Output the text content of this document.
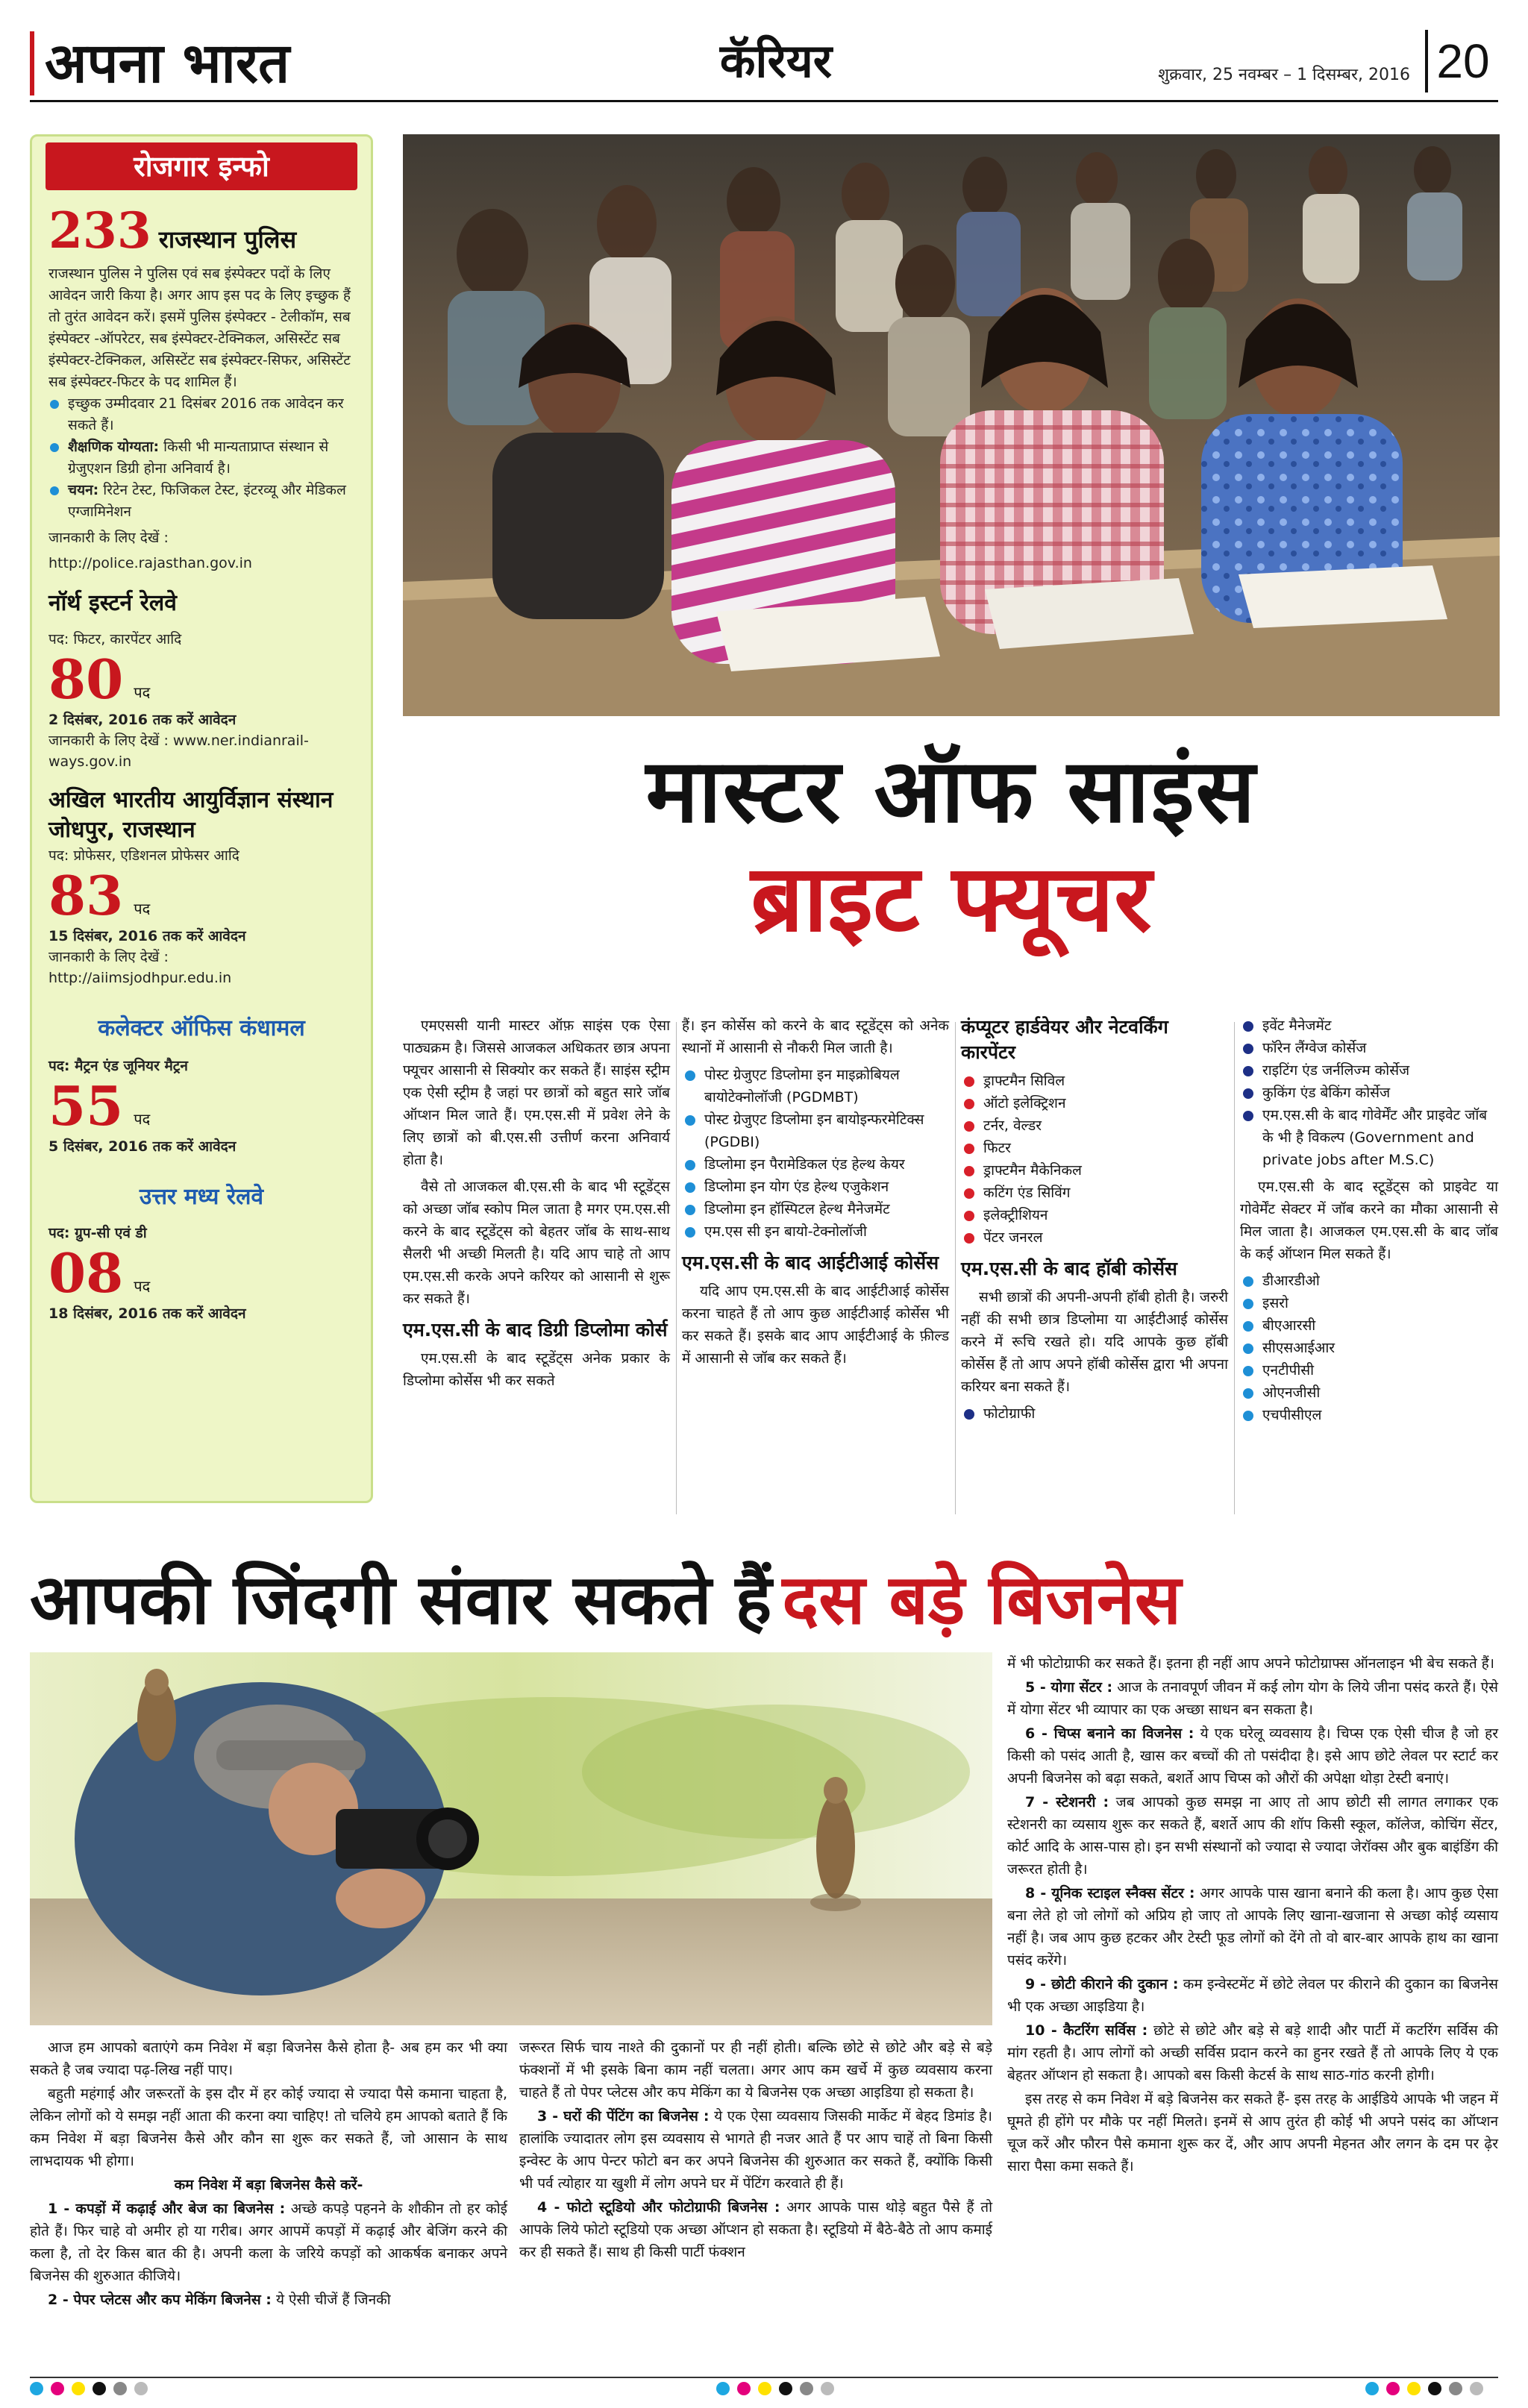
अपना भारत	कॅरियर	शुक्रवार, 25 नवम्बर – 1 दिसम्बर, 2016 20
रोजगार इन्फो
233 राजस्थान पुलिस
राजस्थान पुलिस ने पुलिस एवं सब इंस्पेक्टर पदों के लिए आवेदन जारी किया है। अगर आप इस पद के लिए इच्छुक हैं तो तुरंत आवेदन करें। इसमें पुलिस इंस्पेक्टर - टेलीकॉम, सब इंस्पेक्टर -ऑपरेटर, सब इंस्पेक्टर-टेक्निकल, असिस्टेंट सब इंस्पेक्टर-टेक्निकल, असिस्टेंट सब इंस्पेक्टर-सिफर, असिस्टेंट सब इंस्पेक्टर-फिटर के पद शामिल हैं।
इच्छुक उम्मीदवार 21 दिसंबर 2016 तक आवेदन कर सकते हैं।
शैक्षणिक योग्यता: किसी भी मान्यताप्राप्त संस्थान से ग्रेजुएशन डिग्री होना अनिवार्य है।
चयन: रिटेन टेस्ट, फिजिकल टेस्ट, इंटरव्यू और मेडिकल एग्जामिनेशन
जानकारी के लिए देखें :
http://police.rajasthan.gov.in
नॉर्थ इस्टर्न रेलवे
पद: फिटर, कारपेंटर आदि
80 पद
2 दिसंबर, 2016 तक करें आवेदन
जानकारी के लिए देखें : www.ner.indianrail-ways.gov.in
अखिल भारतीय आयुर्विज्ञान संस्थान जोधपुर, राजस्थान
पद: प्रोफेसर, एडिशनल प्रोफेसर आदि
83 पद
15 दिसंबर, 2016 तक करें आवेदन
जानकारी के लिए देखें : http://aiimsjodhpur.edu.in
कलेक्टर ऑफिस कंधामल
पद: मैट्रन एंड जूनियर मैट्रन
55 पद
5 दिसंबर, 2016 तक करें आवेदन
उत्तर मध्य रेलवे
पद: ग्रुप-सी एवं डी
08 पद
18 दिसंबर, 2016 तक करें आवेदन
मास्टर ऑफ साइंस
ब्राइट फ्यूचर

एमएससी यानी मास्टर ऑफ़ साइंस एक ऐसा पाठ्यक्रम है। जिससे आजकल अधिकतर छात्र अपना फ्यूचर आसानी से सिक्योर कर सकते हैं। साइंस स्ट्रीम एक ऐसी स्ट्रीम है जहां पर छात्रों को बहुत सारे जॉब ऑप्शन मिल जाते हैं। एम.एस.सी में प्रवेश लेने के लिए छात्रों को बी.एस.सी उत्तीर्ण करना अनिवार्य होता है।

वैसे तो आजकल बी.एस.सी के बाद भी स्टूडेंट्स को अच्छा जॉब स्कोप मिल जाता है मगर एम.एस.सी करने के बाद स्टूडेंट्स को बेहतर जॉब के साथ-साथ सैलरी भी अच्छी मिलती है। यदि आप चाहे तो आप एम.एस.सी करके अपने करियर को आसानी से शुरू कर सकते हैं।

एम.एस.सी के बाद डिग्री डिप्लोमा कोर्स

एम.एस.सी के बाद स्टूडेंट्स अनेक प्रकार के डिप्लोमा कोर्सेस भी कर सकते

हैं। इन कोर्सेस को करने के बाद स्टूडेंट्स को अनेक स्थानों में आसानी से नौकरी मिल जाती है।

पोस्ट ग्रेजुएट डिप्लोमा इन माइक्रोबियल बायोटेक्नोलॉजी (PGDMBT)
पोस्ट ग्रेजुएट डिप्लोमा इन बायोइन्फरमेटिक्स (PGDBI)
डिप्लोमा इन पैरामेडिकल एंड हेल्थ केयर
डिप्लोमा इन योग एंड हेल्थ एजुकेशन
डिप्लोमा इन हॉस्पिटल हेल्थ मैनेजमेंट
एम.एस सी इन बायो-टेक्नोलॉजी
एम.एस.सी के बाद आईटीआई कोर्सेस

यदि आप एम.एस.सी के बाद आईटीआई कोर्सेस करना चाहते हैं तो आप कुछ आईटीआई कोर्सेस भी कर सकते हैं। इसके बाद आप आईटीआई के फ़ील्ड में आसानी से जॉब कर सकते हैं।

कंप्यूटर हार्डवेयर और नेटवर्किंग कारपेंटर
ड्राफ्टमैन सिविल
ऑटो इलेक्ट्रिशन
टर्नर, वेल्डर
फिटर
ड्राफ्टमैन मैकेनिकल
कटिंग एंड सिविंग
इलेक्ट्रीशियन
पेंटर जनरल
एम.एस.सी के बाद हॉबी कोर्सेस

सभी छात्रों की अपनी-अपनी हॉबी होती है। जरुरी नहीं की सभी छात्र डिप्लोमा या आईटीआई कोर्सेस करने में रूचि रखते हो। यदि आपके कुछ हॉबी कोर्सेस हैं तो आप अपने हॉबी कोर्सेस द्वारा भी अपना करियर बना सकते हैं।

फोटोग्राफी
इवेंट मैनेजमेंट
फॉरेन लैंग्वेज कोर्सेज
राइटिंग एंड जर्नलिज्म कोर्सेज
कुकिंग एंड बेकिंग कोर्सेज
एम.एस.सी के बाद गोवेर्मेंट और प्राइवेट जॉब के भी है विकल्प (Government and private jobs after M.S.C)

एम.एस.सी के बाद स्टूडेंट्स को प्राइवेट या गोवेर्मेंट सेक्टर में जॉब करने का मौका आसानी से मिल जाता है। आजकल एम.एस.सी के बाद जॉब के कई ऑप्शन मिल सकते हैं।

डीआरडीओ
इसरो
बीएआरसी
सीएसआईआर
एनटीपीसी
ओएनजीसी
एचपीसीएल
आपकी जिंदगी संवार सकते हैं दस बड़े बिजनेस

में भी फोटोग्राफी कर सकते हैं। इतना ही नहीं आप अपने फोटोग्राफ्स ऑनलाइन भी बेच सकते हैं।

5 - योगा सेंटर : आज के तनावपूर्ण जीवन में कई लोग योग के लिये जीना पसंद करते हैं। ऐसे में योगा सेंटर भी व्यापार का एक अच्छा साधन बन सकता है।

6 - चिप्स बनाने का विजनेस : ये एक घरेलू व्यवसाय है। चिप्स एक ऐसी चीज है जो हर किसी को पसंद आती है, खास कर बच्चों की तो पसंदीदा है। इसे आप छोटे लेवल पर स्टार्ट कर अपनी बिजनेस को बढ़ा सकते, बशर्ते आप चिप्स को औरों की अपेक्षा थोड़ा टेस्टी बनाएं।

7 - स्टेशनरी : जब आपको कुछ समझ ना आए तो आप छोटी सी लागत लगाकर एक स्टेशनरी का व्यसाय शुरू कर सकते हैं, बशर्ते आप की शॉप किसी स्कूल, कॉलेज, कोचिंग सेंटर, कोर्ट आदि के आस-पास हो। इन सभी संस्थानों को ज्यादा से ज्यादा जेरॉक्स और बुक बाइंडिंग की जरूरत होती है।

8 - यूनिक स्टाइल स्नैक्स सेंटर : अगर आपके पास खाना बनाने की कला है। आप कुछ ऐसा बना लेते हो जो लोगों को अप्रिय हो जाए तो आपके लिए खाना-खजाना से अच्छा कोई व्यसाय नहीं है। जब आप कुछ हटकर और टेस्टी फूड लोगों को देंगे तो वो बार-बार आपके हाथ का खाना पसंद करेंगे।

9 - छोटी कीराने की दुकान : कम इन्वेस्टमेंट में छोटे लेवल पर कीराने की दुकान का बिजनेस भी एक अच्छा आइडिया है।

10 - कैटरिंग सर्विस : छोटे से छोटे और बड़े से बड़े शादी और पार्टी में कटरिंग सर्विस की मांग रहती है। आप लोगों को अच्छी सर्विस प्रदान करने का हुनर रखते हैं तो आपके लिए ये एक बेहतर ऑप्शन हो सकता है। आपको बस किसी केटर्स के साथ साठ-गांठ करनी होगी।

इस तरह से कम निवेश में बड़े बिजनेस कर सकते हैं- इस तरह के आईडिये आपके भी जहन में घूमते ही होंगे पर मौके पर नहीं मिलते। इनमें से आप तुरंत ही कोई भी अपने पसंद का ऑप्शन चूज करें और फौरन पैसे कमाना शुरू कर दें, और आप अपनी मेहनत और लगन के दम पर ढ़ेर सारा पैसा कमा सकते हैं।

आज हम आपको बताएंगे कम निवेश में बड़ा बिजनेस कैसे होता है- अब हम कर भी क्या सकते है जब ज्यादा पढ़-लिख नहीं पाए।

बहुती महंगाई और जरूरतों के इस दौर में हर कोई ज्यादा से ज्यादा पैसे कमाना चाहता है, लेकिन लोगों को ये समझ नहीं आता की करना क्या चाहिए! तो चलिये हम आपको बताते हैं कि कम निवेश में बड़ा बिजनेस कैसे और कौन सा शुरू कर सकते हैं, जो आसान के साथ लाभदायक भी होगा।

कम निवेश में बड़ा बिजनेस कैसे करें-

1 - कपड़ों में कढ़ाई और बेज का बिजनेस : अच्छे कपड़े पहनने के शौकीन तो हर कोई होते हैं। फिर चाहे वो अमीर हो या गरीब। अगर आपमें कपड़ों में कढ़ाई और बेजिंग करने की कला है, तो देर किस बात की है। अपनी कला के जरिये कपड़ों को आकर्षक बनाकर अपने बिजनेस की शुरुआत कीजिये।

2 - पेपर प्लेटस और कप मेकिंग बिजनेस : ये ऐसी चीजें हैं जिनकी

जरूरत सिर्फ चाय नाश्ते की दुकानों पर ही नहीं होती। बल्कि छोटे से छोटे और बड़े से बड़े फंक्शनों में भी इसके बिना काम नहीं चलता। अगर आप कम खर्चे में कुछ व्यवसाय करना चाहते हैं तो पेपर प्लेटस और कप मेकिंग का ये बिजनेस एक अच्छा आइडिया हो सकता है।

3 - घरों की पेंटिंग का बिजनेस : ये एक ऐसा व्यवसाय जिसकी मार्केट में बेहद डिमांड है। हालांकि ज्यादातर लोग इस व्यवसाय से भागते ही नजर आते हैं पर आप चाहें तो बिना किसी इन्वेस्ट के आप पेन्टर फोटो बन कर अपने बिजनेस की शुरुआत कर सकते हैं, क्योंकि किसी भी पर्व त्योहार या खुशी में लोग अपने घर में पेंटिंग करवाते ही हैं।

4 - फोटो स्टूडियो और फोटोग्राफी बिजनेस : अगर आपके पास थोड़े बहुत पैसे हैं तो आपके लिये फोटो स्टूडियो एक अच्छा ऑप्शन हो सकता है। स्टूडियो में बैठे-बैठे तो आप कमाई कर ही सकते हैं। साथ ही किसी पार्टी फंक्शन
